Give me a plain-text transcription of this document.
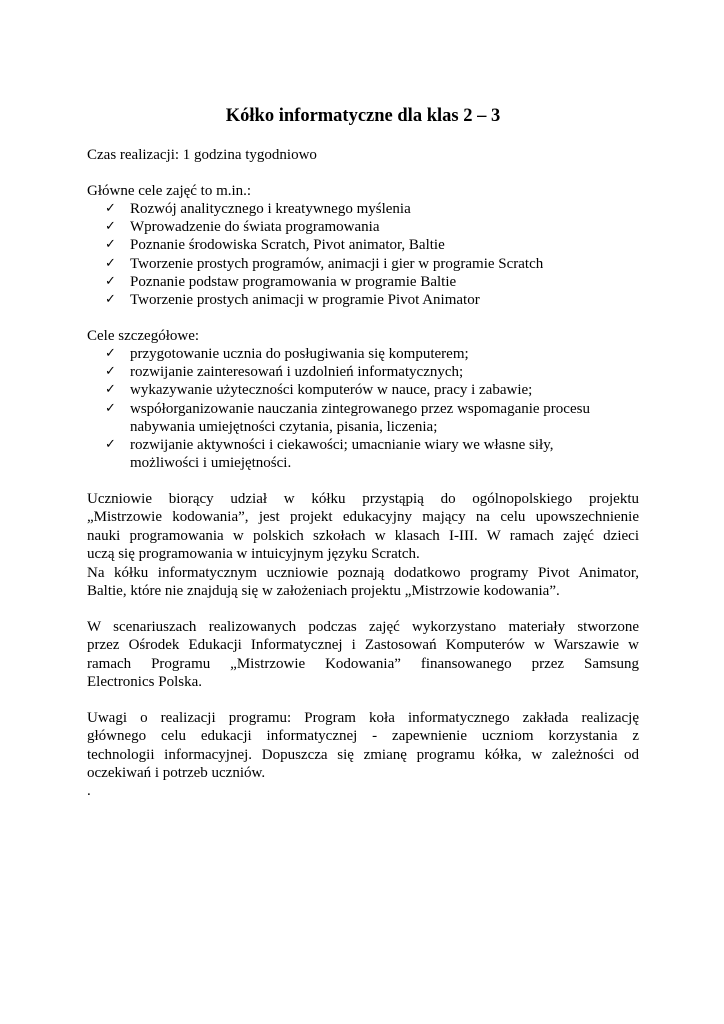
Kółko informatyczne dla klas 2 – 3

Czas realizacji: 1 godzina tygodniowo

Główne cele zajęć to m.in.:

✓ Rozwój analitycznego i kreatywnego myślenia
✓ Wprowadzenie do świata programowania
✓ Poznanie środowiska Scratch, Pivot animator, Baltie
✓ Tworzenie prostych programów, animacji i gier w programie Scratch
✓ Poznanie podstaw programowania w programie Baltie
✓ Tworzenie prostych animacji w programie Pivot Animator

Cele szczegółowe:

✓ przygotowanie ucznia do posługiwania się komputerem;
✓ rozwijanie zainteresowań i uzdolnień informatycznych;
✓ wykazywanie użyteczności komputerów w nauce, pracy i zabawie;
✓ współorganizowanie nauczania zintegrowanego przez wspomaganie procesu nabywania umiejętności czytania, pisania, liczenia;
✓ rozwijanie aktywności i ciekawości; umacnianie wiary we własne siły, możliwości i umiejętności.
Uczniowie biorący udział w kółku przystąpią do ogólnopolskiego projektu
„Mistrzowie kodowania”, jest projekt edukacyjny mający na celu upowszechnienie
nauki programowania w polskich szkołach w klasach I-III. W ramach zajęć dzieci
uczą się programowania w intuicyjnym języku Scratch.
Na kółku informatycznym uczniowie poznają dodatkowo programy Pivot Animator,
Baltie, które nie znajdują się w założeniach projektu „Mistrzowie kodowania”.
W scenariuszach realizowanych podczas zajęć wykorzystano materiały stworzone
przez Ośrodek Edukacji Informatycznej i Zastosowań Komputerów w Warszawie w
ramach Programu „Mistrzowie Kodowania” finansowanego przez Samsung
Electronics Polska.
Uwagi o realizacji programu: Program koła informatycznego zakłada realizację
głównego celu edukacji informatycznej - zapewnienie uczniom korzystania z
technologii informacyjnej. Dopuszcza się zmianę programu kółka, w zależności od
oczekiwań i potrzeb uczniów.

.
